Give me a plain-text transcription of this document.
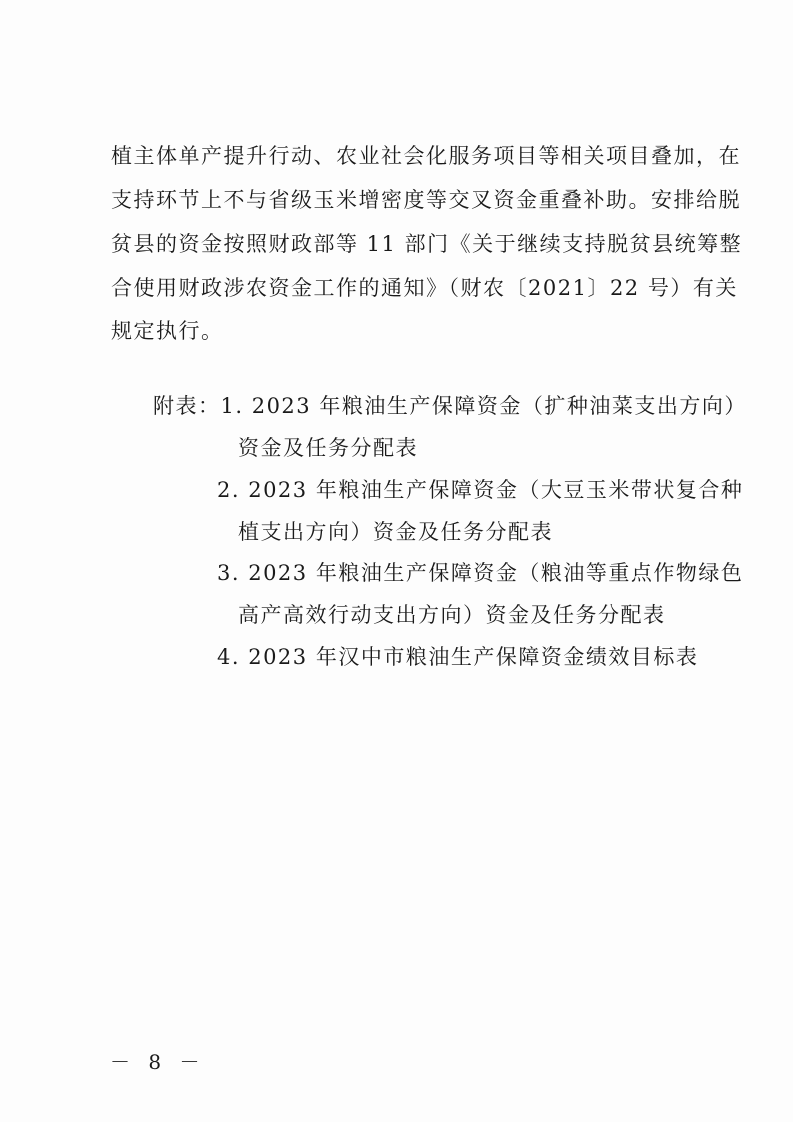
植主体单产提升行动、农业社会化服务项目等相关项目叠加，在
支持环节上不与省级玉米增密度等交叉资金重叠补助。安排给脱
贫县的资金按照财政部等 11 部门《关于继续支持脱贫县统筹整
合使用财政涉农资金工作的通知》（财农〔2021〕22 号）有关
规定执行。
附表：1. 2023 年粮油生产保障资金（扩种油菜支出方向）
资金及任务分配表
2. 2023 年粮油生产保障资金（大豆玉米带状复合种
植支出方向）资金及任务分配表
3. 2023 年粮油生产保障资金（粮油等重点作物绿色
高产高效行动支出方向）资金及任务分配表
4. 2023 年汉中市粮油生产保障资金绩效目标表
－ 8 －
